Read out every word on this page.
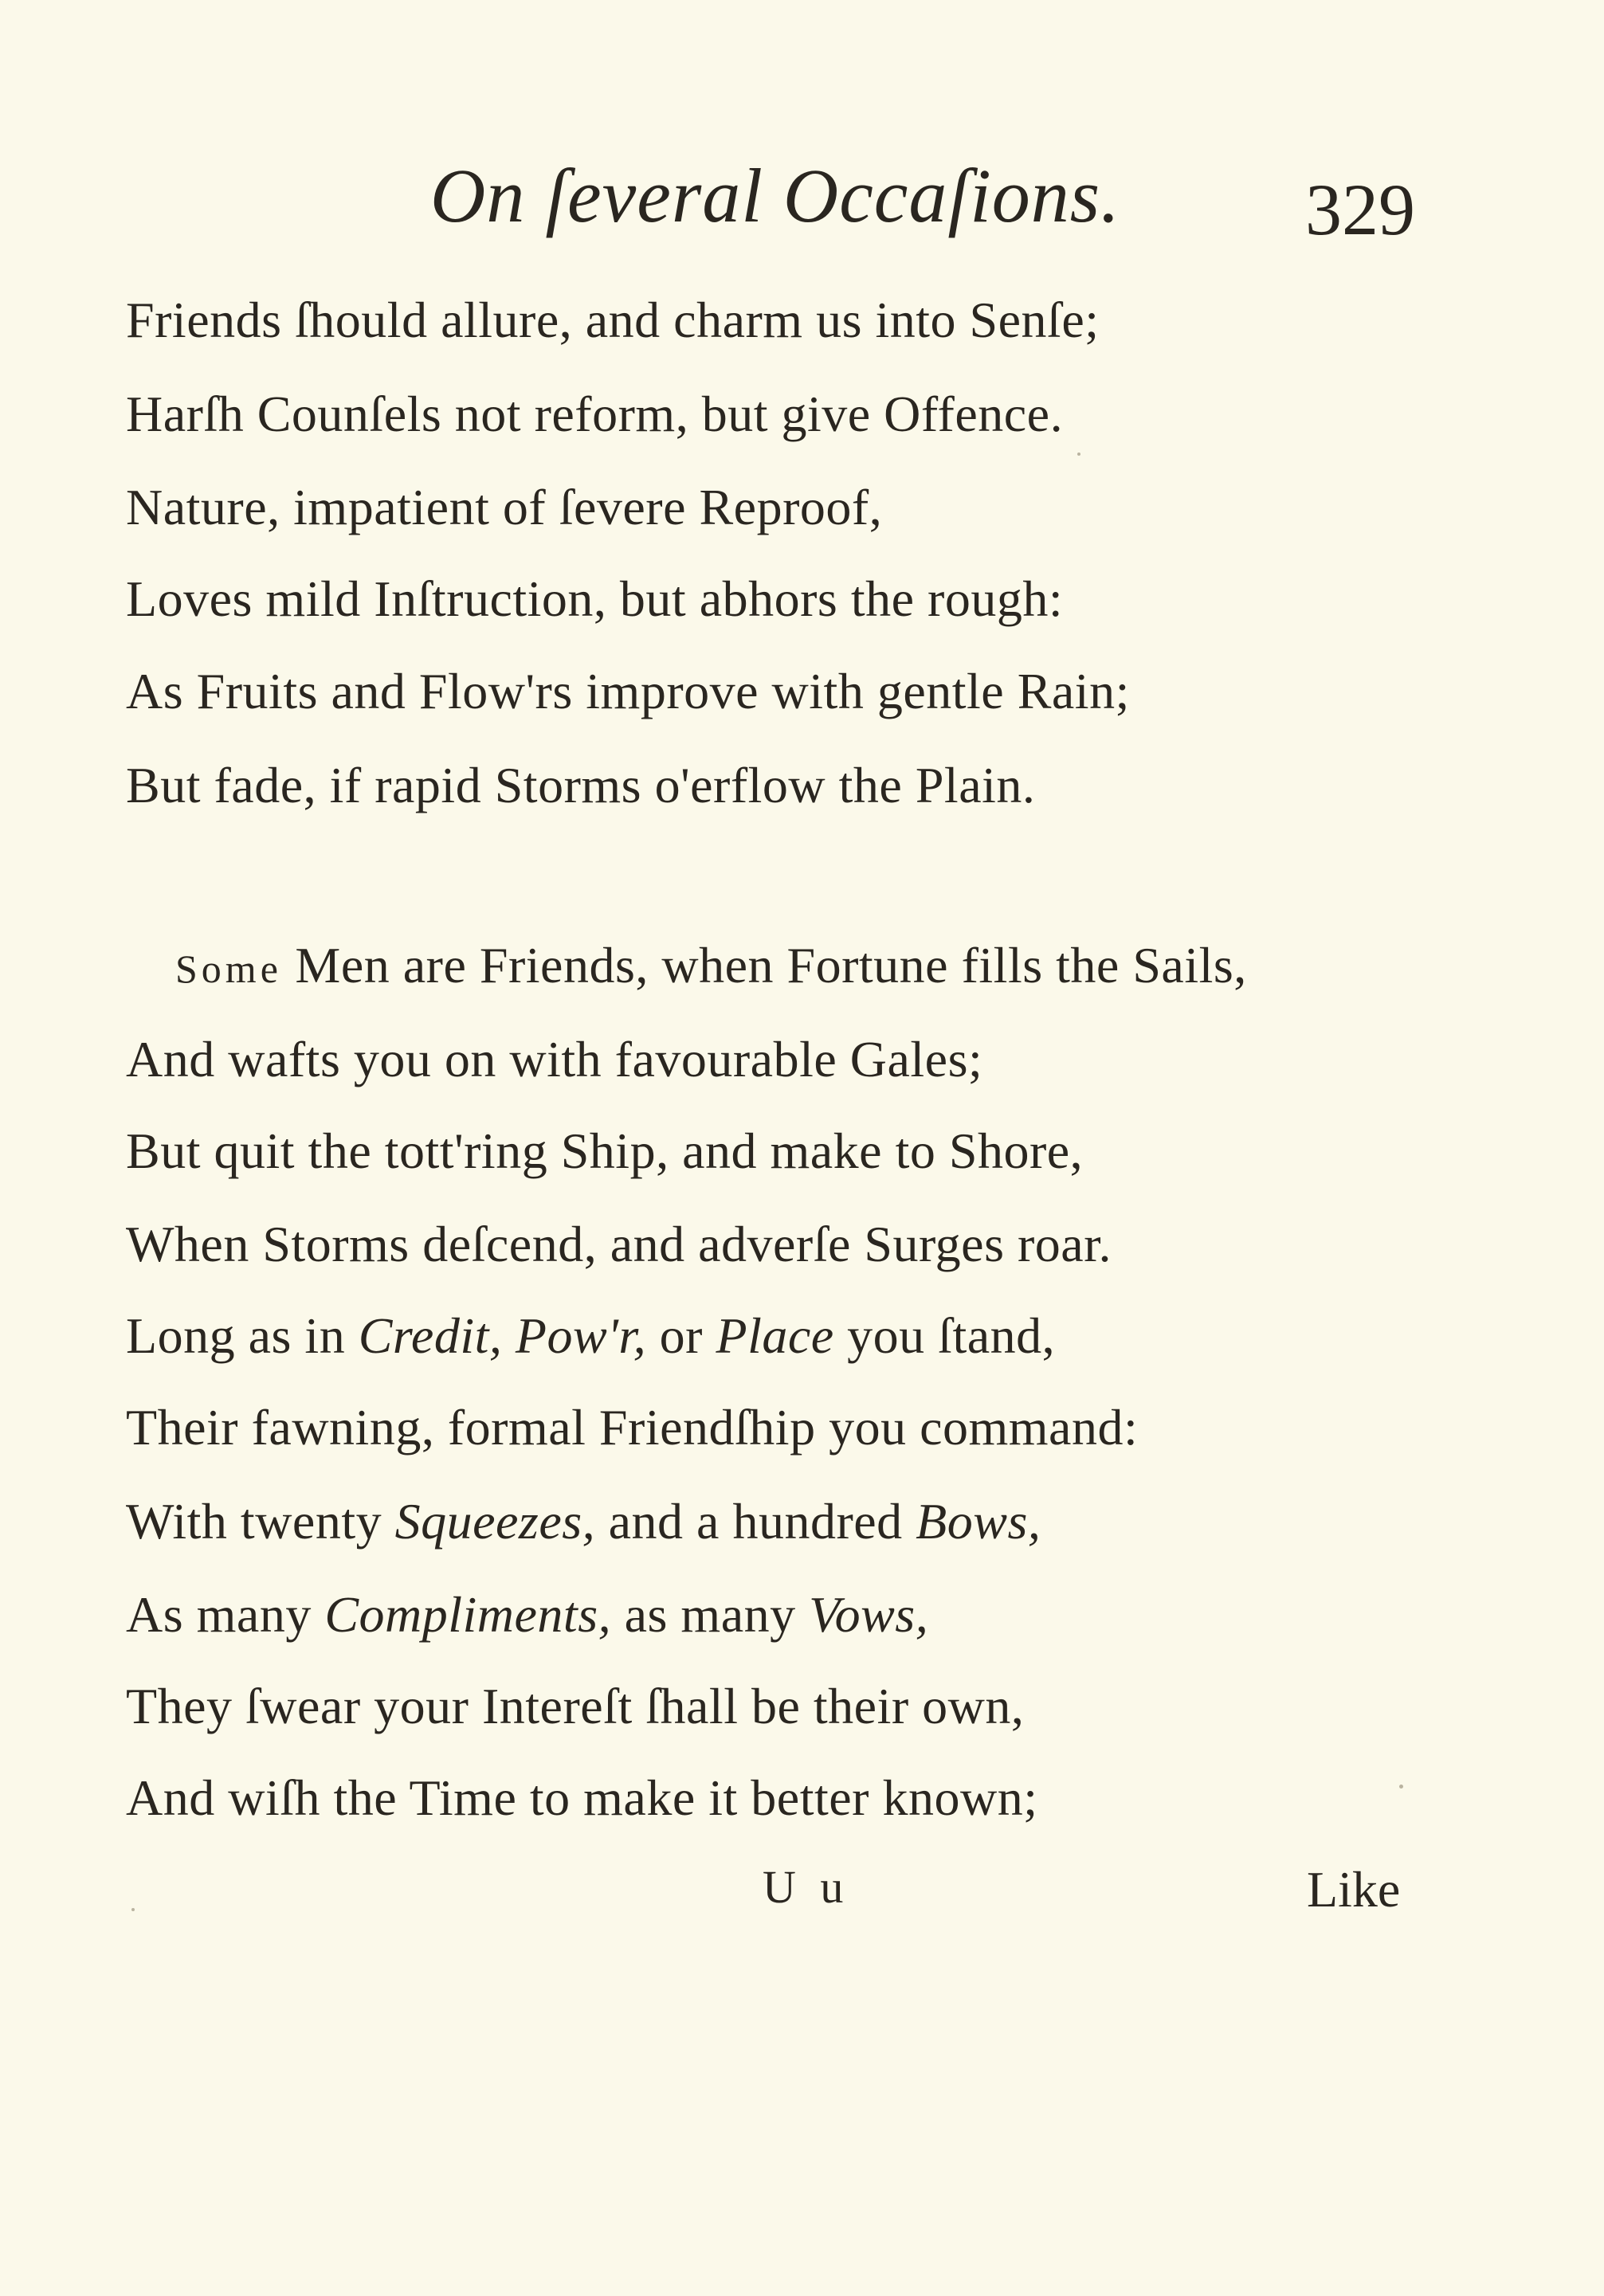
On ſeveral Occaſions.	329
Friends ſhould allure, and charm us into Senſe;
Harſh Counſels not reform, but give Offence.
Nature, impatient of ſevere Reproof,
Loves mild Inſtruction, but abhors the rough:
As Fruits and Flow'rs improve with gentle Rain;
But fade, if rapid Storms o'erflow the Plain.
Some Men are Friends, when Fortune fills the Sails,
And wafts you on with favourable Gales;
But quit the tott'ring Ship, and make to Shore,
When Storms deſcend, and adverſe Surges roar.
Long as in Credit, Pow'r, or Place you ſtand,
Their fawning, formal Friendſhip you command:
With twenty Squeezes, and a hundred Bows,
As many Compliments, as many Vows,
They ſwear your Intereſt ſhall be their own,
And wiſh the Time to make it better known;
U u	Like
